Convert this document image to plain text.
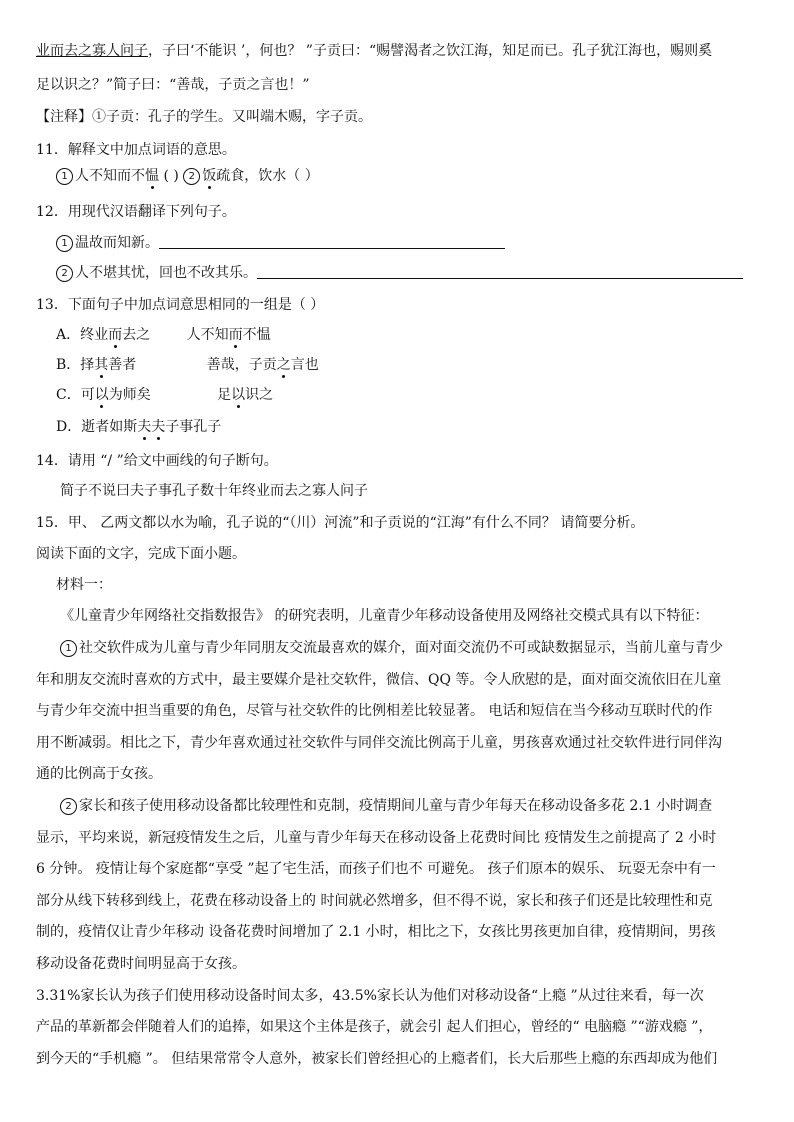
业而去之寡人问子，子曰‘不能识 ’，何也？ ”子贡曰：“赐譬渴者之饮江海，知足而已。孔子犹江海也，赐则奚
足以识之？”简子曰：“善哉，子贡之言也！”
【注释】①子贡：孔子的学生。又叫端木赐，字子贡。
11．解释文中加点词语的意思。
1 人不知而不愠 ( ) 2 饭疏食，饮水（ ）
12．用现代汉语翻译下列句子。
1 温故而知新。
2 人不堪其忧，回也不改其乐。
13．下面句子中加点词意思相同的一组是（ ）
A．终业而去之	人不知而不愠
B．择其善者	善哉，子贡之言也
C．可以为师矣	足以识之
D．逝者如斯夫夫子事孔子
14．请用 “/ ”给文中画线的句子断句。
简子不说曰夫子事孔子数十年终业而去之寡人问子
15．甲、 乙两文都以水为喻，孔子说的“（川）河流”和子贡说的“江海”有什么不同？ 请简要分析。
阅读下面的文字，完成下面小题。
材料一：
《儿童青少年网络社交指数报告》 的研究表明，儿童青少年移动设备使用及网络社交模式具有以下特征：
1 社交软件成为儿童与青少年同朋友交流最喜欢的媒介，面对面交流仍不可或缺数据显示，当前儿童与青少
年和朋友交流时喜欢的方式中，最主要媒介是社交软件，微信、QQ 等。令人欣慰的是，面对面交流依旧在儿童
与青少年交流中担当重要的角色，尽管与社交软件的比例相差比较显著。 电话和短信在当今移动互联时代的作
用不断减弱。相比之下，青少年喜欢通过社交软件与同伴交流比例高于儿童，男孩喜欢通过社交软件进行同伴沟
通的比例高于女孩。
2 家长和孩子使用移动设备都比较理性和克制，疫情期间儿童与青少年每天在移动设备多花 2.1 小时调查
显示，平均来说，新冠疫情发生之后，儿童与青少年每天在移动设备上花费时间比 疫情发生之前提高了 2 小时
6 分钟。 疫情让每个家庭都“享受 ”起了宅生活，而孩子们也不 可避免。 孩子们原本的娱乐、 玩耍无奈中有一
部分从线下转移到线上，花费在移动设备上的 时间就必然增多，但不得不说，家长和孩子们还是比较理性和克
制的，疫情仅让青少年移动 设备花费时间增加了 2.1 小时，相比之下，女孩比男孩更加自律，疫情期间，男孩
移动设备花费时间明显高于女孩。
3.31%家长认为孩子们使用移动设备时间太多，43.5%家长认为他们对移动设备“上瘾 ”从过往来看，每一次
产品的革新都会伴随着人们的追捧，如果这个主体是孩子，就会引 起人们担心，曾经的“ 电脑瘾 ”“游戏瘾 ”，
到今天的“手机瘾 ”。 但结果常常令人意外，被家长们曾经担心的上瘾者们，长大后那些上瘾的东西却成为他们
